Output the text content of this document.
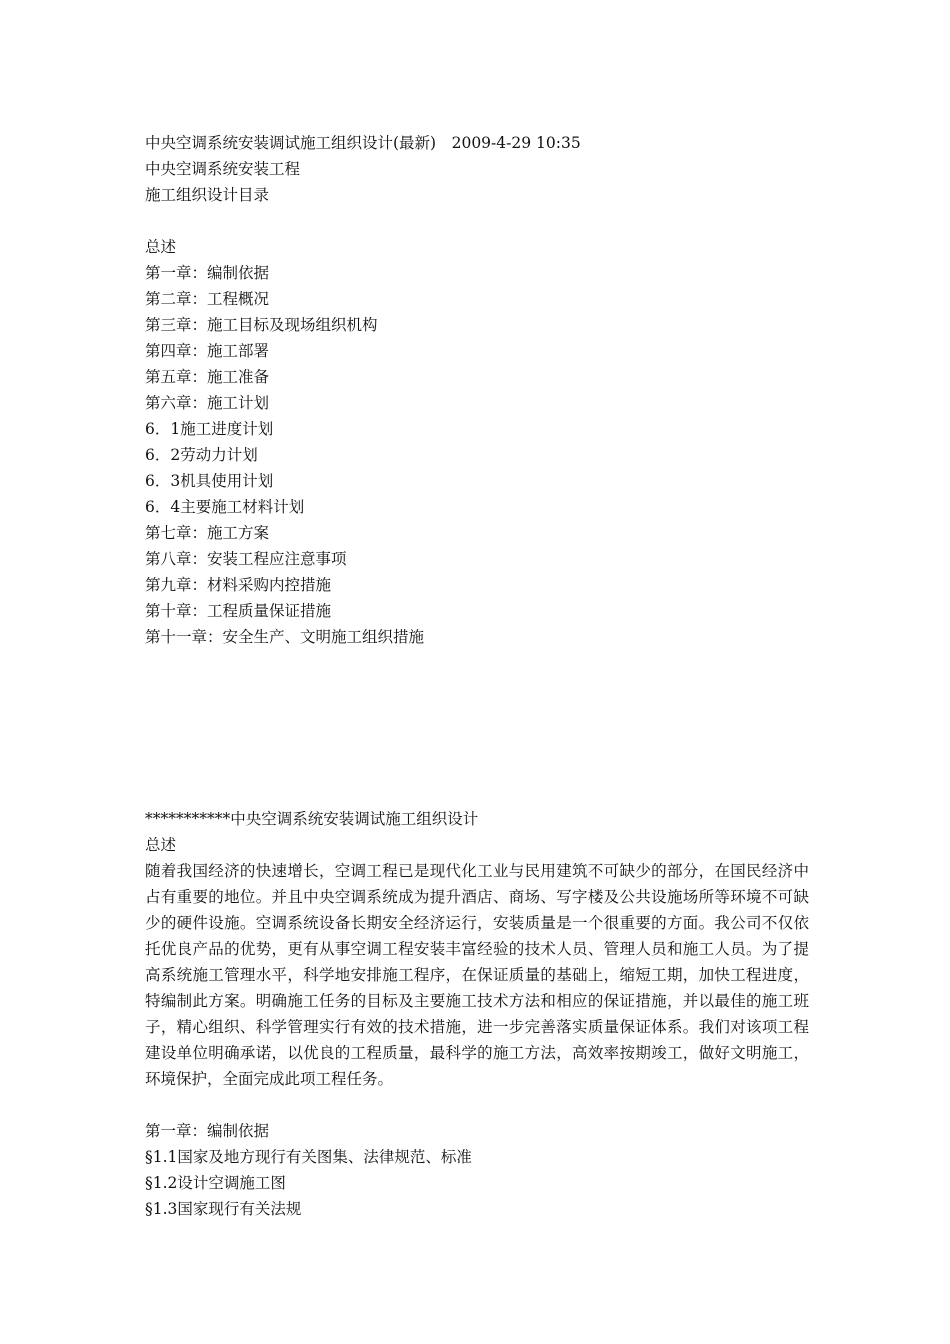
中央空调系统安装调试施工组织设计(最新)　2009-4-29 10:35
中央空调系统安装工程
施工组织设计目录
总述
第一章：编制依据
第二章：工程概况
第三章：施工目标及现场组织机构
第四章：施工部署
第五章：施工准备
第六章：施工计划
6．1施工进度计划
6．2劳动力计划
6．3机具使用计划
6．4主要施工材料计划
第七章：施工方案
第八章：安装工程应注意事项
第九章：材料采购内控措施
第十章：工程质量保证措施
第十一章：安全生产、文明施工组织措施
***********中央空调系统安装调试施工组织设计
总述
随着我国经济的快速增长，空调工程已是现代化工业与民用建筑不可缺少的部分，在国民经济中占有重要的地位。并且中央空调系统成为提升酒店、商场、写字楼及公共设施场所等环境不可缺少的硬件设施。空调系统设备长期安全经济运行，安装质量是一个很重要的方面。我公司不仅依托优良产品的优势，更有从事空调工程安装丰富经验的技术人员、管理人员和施工人员。为了提高系统施工管理水平，科学地安排施工程序，在保证质量的基础上，缩短工期，加快工程进度，特编制此方案。明确施工任务的目标及主要施工技术方法和相应的保证措施，并以最佳的施工班子，精心组织、科学管理实行有效的技术措施，进一步完善落实质量保证体系。我们对该项工程建设单位明确承诺，以优良的工程质量，最科学的施工方法，高效率按期竣工，做好文明施工，环境保护，全面完成此项工程任务。
第一章：编制依据
§1.1国家及地方现行有关图集、法律规范、标准
§1.2设计空调施工图
§1.3国家现行有关法规
